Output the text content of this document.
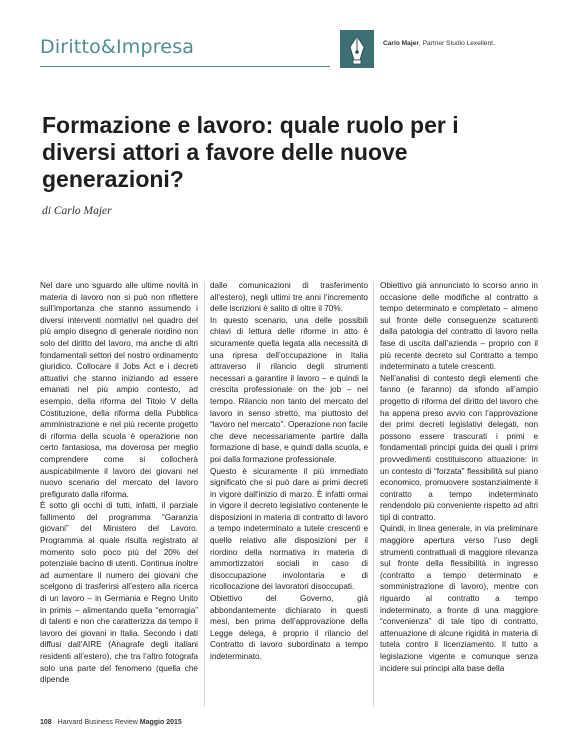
Diritto&Impresa	Carlo Majer, Partner Studio Lexellent.
Formazione e lavoro: quale ruolo per i diversi attori a favore delle nuove generazioni?
di Carlo Majer

Nel dare uno sguardo alle ultime novità in materia di lavoro non si può non riflettere sull’importanza che stanno assumendo i diversi interventi normativi nel quadro del più ampio disegno di generale riordino non solo del diritto del lavoro, ma anche di altri fondamentali settori del nostro ordinamento giuridico. Collocare il Jobs Act e i decreti attuativi che stanno iniziando ad essere emanati nel più ampio contesto, ad esempio, della riforma del Titolo V della Costituzione, della riforma della Pubblica amministrazione e nel più recente progetto di riforma della scuola è operazione non certo fantasiosa, ma doverosa per meglio comprendere come si collocherà auspicabilmente il lavoro dei giovani nel nuovo scenario del mercato del lavoro prefigurato dalla riforma.

È sotto gli occhi di tutti, infatti, il parziale fallimento del programma “Garanzia giovani” del Ministero del Lavoro. Programma al quale risulta registrato al momento solo poco più del 20% del potenziale bacino di utenti. Continua inoltre ad aumentare il numero dei giovani che scelgono di trasferirsi all’estero alla ricerca di un lavoro – in Germania e Regno Unito in primis – alimentando quella “emorragia” di talenti e non che caratterizza da tempo il lavoro dei giovani in Italia. Secondo i dati diffusi dall’AIRE (Anagrafe degli italiani residenti all’estero), che tra l’altro fotografa solo una parte del fenomeno (quella che dipende

dalle comunicazioni di trasferimento all’estero), negli ultimi tre anni l’incremento delle iscrizioni è salito di oltre il 70%.

In questo scenario, una delle possibili chiavi di lettura delle riforme in atto è sicuramente quella legata alla necessità di una ripresa dell’occupazione in Italia attraverso il rilancio degli strumenti necessari a garantire il lavoro – e quindi la crescita professionale on the job – nel tempo. Rilancio non tanto del mercato del lavoro in senso stretto, ma piuttosto del “lavoro nel mercato”. Operazione non facile che deve necessariamente partire dalla formazione di base, e quindi dalla scuola, e poi dalla formazione professionale.

Questo è sicuramente il più immediato significato che si può dare ai primi decreti in vigore dall’inizio di marzo. È infatti ormai in vigore il decreto legislativo contenente le disposizioni in materia di contratto di lavoro a tempo indeterminato a tutele crescenti e quello relativo alle disposizioni per il riordino della normativa in materia di ammortizzatori sociali in caso di disoccupazione involontaria e di ricollocazione dei lavoratori disoccupati.

Obiettivo del Governo, già abbondantemente dichiarato in questi mesi, ben prima dell’approvazione della Legge delega, è proprio il rilancio del Contratto di lavoro subordinato a tempo indeterminato.

Obiettivo già annunciato lo scorso anno in occasione delle modifiche al contratto a tempo determinato e completato – almeno sul fronte delle conseguenze scaturenti dalla patologia del contratto di lavoro nella fase di uscita dall’azienda – proprio con il più recente decreto sul Contratto a tempo indeterminato a tutele crescenti.

Nell’analisi di contesto degli elementi che fanno (e faranno) da sfondo all’ampio progetto di riforma del diritto del lavoro che ha appena preso avvio con l’approvazione dei primi decreti legislativi delegati, non possono essere trascurati i primi e fondamentali principi guida dei quali i primi provvedimenti costituiscono attuazione: in un contesto di “forzata” flessibilità sul piano economico, promuovere sostanzialmente il contratto a tempo indeterminato rendendolo più conveniente rispetto ad altri tipi di contratto.

Quindi, in linea generale, in via preliminare maggiore apertura verso l’uso degli strumenti contrattuali di maggiore rilevanza sul fronte della flessibilità in ingresso (contratto a tempo determinato e somministrazione di lavoro), mentre con riguardo al contratto a tempo indeterminato, a fronte di una maggiore “convenienza” di tale tipo di contratto, attenuazione di alcune rigidità in materia di tutela contro il licenziamento. Il tutto a legislazione vigente e comunque senza incidere sui principi alla base della

108 Harvard Business Review Maggio 2015
